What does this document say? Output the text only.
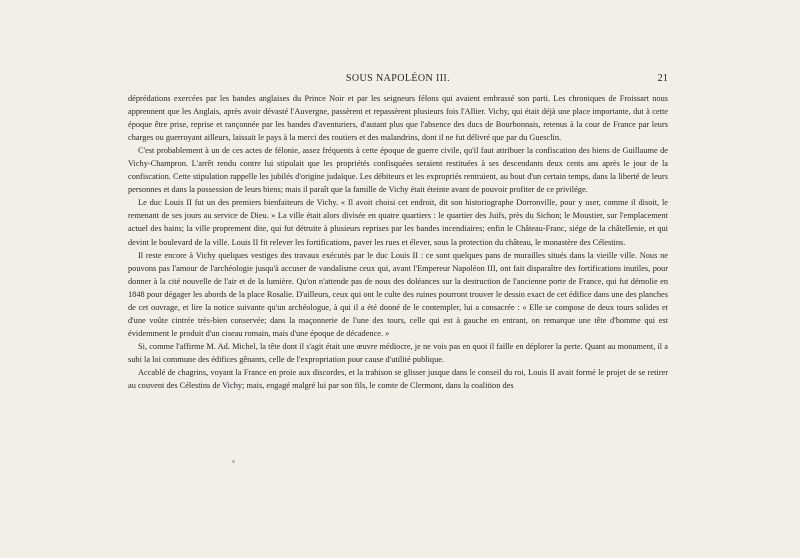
SOUS NAPOLÉON III.	21

déprédations exercées par les bandes anglaises du Prince Noir et par les seigneurs félons qui avaient embrassé son parti. Les chroniques de Froissart nous apprennent que les Anglais, après avoir dévasté l'Auvergne, passèrent et repassèrent plusieurs fois l'Allier. Vichy, qui était déjà une place importante, dut à cette époque être prise, reprise et rançonnée par les bandes d'aventuriers, d'autant plus que l'absence des ducs de Bourbonnais, retenus à la cour de France par leurs charges ou guerroyant ailleurs, laissait le pays à la merci des routiers et des malandrins, dont il ne fut délivré que par du Guesclin.

C'est probablement à un de ces actes de félonie, assez fréquents à cette époque de guerre civile, qu'il faut attribuer la confiscation des biens de Guillaume de Vichy-Champron. L'arrêt rendu contre lui stipulait que les propriétés confisquées seraient restituées à ses descendants deux cents ans après le jour de la confiscation. Cette stipulation rappelle les jubilés d'origine judaïque. Les débiteurs et les expropriés rentraient, au bout d'un certain temps, dans la liberté de leurs personnes et dans la possession de leurs biens; mais il paraît que la famille de Vichy était éteinte avant de pouvoir profiter de ce privilége.

Le duc Louis II fut un des premiers bienfaiteurs de Vichy. « Il avoit choisi cet endroit, dit son historiographe Dorronville, pour y user, comme il disoit, le remenant de ses jours au service de Dieu. » La ville était alors divisée en quatre quartiers : le quartier des Juifs, près du Sichon; le Moustier, sur l'emplacement actuel des bains; la ville proprement dite, qui fut détruite à plusieurs reprises par les bandes incendiaires; enfin le Château-Franc, siége de la châtellenie, et qui devint le boulevard de la ville. Louis II fit relever les fortifications, paver les rues et élever, sous la protection du château, le monastère des Célestins.

Il reste encore à Vichy quelques vestiges des travaux exécutés par le duc Louis II : ce sont quelques pans de murailles situés dans la vieille ville. Nous ne pouvons pas l'amour de l'archéologie jusqu'à accuser de vandalisme ceux qui, avant l'Empereur Napoléon III, ont fait disparaître des fortifications inutiles, pour donner à la cité nouvelle de l'air et de la lumière. Qu'on n'attende pas de nous des doléances sur la destruction de l'ancienne porte de France, qui fut démolie en 1848 pour dégager les abords de la place Rosalie. D'ailleurs, ceux qui ont le culte des ruines pourront trouver le dessin exact de cet édifice dans une des planches de cet ouvrage, et lire la notice suivante qu'un archéologue, à qui il a été donné de le contempler, lui a consacrée : « Elle se compose de deux tours solides et d'une voûte cintrée très-bien conservée; dans la maçonnerie de l'une des tours, celle qui est à gauche en entrant, on remarque une tête d'homme qui est évidemment le produit d'un ciseau romain, mais d'une époque de décadence. »

Si, comme l'affirme M. Ad. Michel, la tête dont il s'agit était une œuvre médiocre, je ne vois pas en quoi il faille en déplorer la perte. Quant au monument, il a subi la loi commune des édifices gênants, celle de l'expropriation pour cause d'utilité publique.

Accablé de chagrins, voyant la France en proie aux discordes, et la trahison se glisser jusque dans le conseil du roi, Louis II avait formé le projet de se retirer au couvent des Célestins de Vichy; mais, engagé malgré lui par son fils, le comte de Clermont, dans la coalition des
